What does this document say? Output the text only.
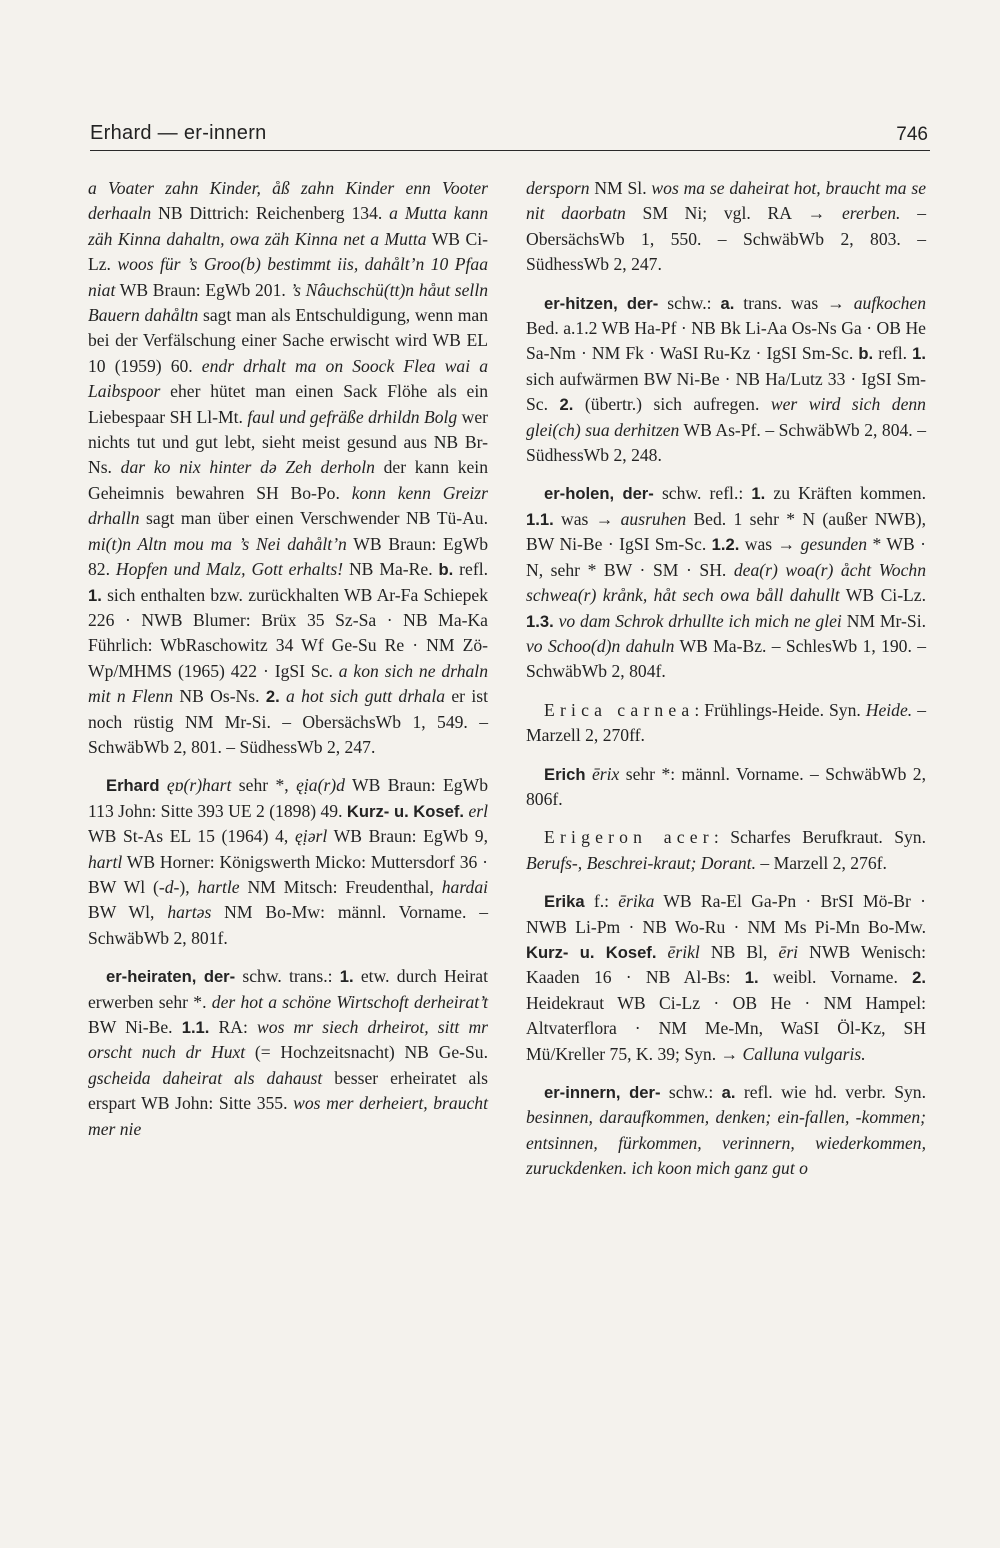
Erhard — er-innern	746

a Voater zahn Kinder, åß zahn Kinder enn Vooter derhaaln NB Dittrich: Reichenberg 134. a Mutta kann zäh Kinna dahaltn, owa zäh Kinna net a Mutta WB Ci-Lz. woos für ’s Groo(b) bestimmt iis, dahålt’n 10 Pfaa niat WB Braun: EgWb 201. ’s Nâuchschü(tt)n håut selln Bauern dahåltn sagt man als Entschuldigung, wenn man bei der Verfälschung einer Sache erwischt wird WB EL 10 (1959) 60. endr drhalt ma on Soock Flea wai a Laibspoor eher hütet man einen Sack Flöhe als ein Liebespaar SH Ll-Mt. faul und gefräße drhildn Bolg wer nichts tut und gut lebt, sieht meist gesund aus NB Br-Ns. dar ko nix hinter də Zeh derholn der kann kein Geheimnis bewahren SH Bo-Po. konn kenn Greizr drhalln sagt man über einen Verschwender NB Tü-Au. mi(t)n Altn mou ma ’s Nei dahålt’n WB Braun: EgWb 82. Hopfen und Malz, Gott erhalts! NB Ma-Re. b. refl. 1. sich enthalten bzw. zurückhalten WB Ar-Fa Schiepek 226 · NWB Blumer: Brüx 35 Sz-Sa · NB Ma-Ka Führlich: WbRaschowitz 34 Wf Ge-Su Re · NM Zö-Wp/MHMS (1965) 422 · IgSI Sc. a kon sich ne drhaln mit n Flenn NB Os-Ns. 2. a hot sich gutt drhala er ist noch rüstig NM Mr-Si. – ObersächsWb 1, 549. – SchwäbWb 2, 801. – SüdhessWb 2, 247.

Erhard ęɒ(r)hart sehr *, ęịa(r)d WB Braun: EgWb 113 John: Sitte 393 UE 2 (1898) 49. Kurz- u. Kosef. erl WB St-As EL 15 (1964) 4, ęịərl WB Braun: EgWb 9, hartl WB Horner: Königswerth Micko: Muttersdorf 36 · BW Wl (-d-), hartle NM Mitsch: Freudenthal, hardai BW Wl, hartəs NM Bo-Mw: männl. Vorname. – SchwäbWb 2, 801f.

er-heiraten, der- schw. trans.: 1. etw. durch Heirat erwerben sehr *. der hot a schöne Wirtschoft derheirat’t BW Ni-Be. 1.1. RA: wos mr siech drheirot, sitt mr orscht nuch dr Huxt (= Hochzeitsnacht) NB Ge-Su. gscheida daheirat als dahaust besser erheiratet als erspart WB John: Sitte 355. wos mer derheiert, braucht mer nie

dersporn NM Sl. wos ma se daheirat hot, braucht ma se nit daorbatn SM Ni; vgl. RA → ererben. – ObersächsWb 1, 550. – SchwäbWb 2, 803. – SüdhessWb 2, 247.

er-hitzen, der- schw.: a. trans. was → aufkochen Bed. a.1.2 WB Ha-Pf · NB Bk Li-Aa Os-Ns Ga · OB He Sa-Nm · NM Fk · WaSI Ru-Kz · IgSI Sm-Sc. b. refl. 1. sich aufwärmen BW Ni-Be · NB Ha/Lutz 33 · IgSI Sm-Sc. 2. (übertr.) sich aufregen. wer wird sich denn glei(ch) sua derhitzen WB As-Pf. – SchwäbWb 2, 804. – SüdhessWb 2, 248.

er-holen, der- schw. refl.: 1. zu Kräften kommen. 1.1. was → ausruhen Bed. 1 sehr * N (außer NWB), BW Ni-Be · IgSI Sm-Sc. 1.2. was → gesunden * WB · N, sehr * BW · SM · SH. dea(r) woa(r) åcht Wochn schwea(r) krånk, håt sech owa båll dahullt WB Ci-Lz. 1.3. vo dam Schrok drhullte ich mich ne glei NM Mr-Si. vo Schoo(d)n dahuln WB Ma-Bz. – SchlesWb 1, 190. – SchwäbWb 2, 804f.

Erica carnea: Frühlings-Heide. Syn. Heide. – Marzell 2, 270ff.

Erich ērix sehr *: männl. Vorname. – SchwäbWb 2, 806f.

Erigeron acer: Scharfes Berufkraut. Syn. Berufs-, Beschrei-kraut; Dorant. – Marzell 2, 276f.

Erika f.: ērika WB Ra-El Ga-Pn · BrSI Mö-Br · NWB Li-Pm · NB Wo-Ru · NM Ms Pi-Mn Bo-Mw. Kurz- u. Kosef. ērikl NB Bl, ēri NWB Wenisch: Kaaden 16 · NB Al-Bs: 1. weibl. Vorname. 2. Heidekraut WB Ci-Lz · OB He · NM Hampel: Altvaterflora · NM Me-Mn, WaSI Öl-Kz, SH Mü/Kreller 75, K. 39; Syn. → Calluna vulgaris.

er-innern, der- schw.: a. refl. wie hd. verbr. Syn. besinnen, daraufkommen, denken; ein-fallen, -kommen; entsinnen, fürkommen, verinnern, wiederkommen, zuruckdenken. ich koon mich ganz gut o
